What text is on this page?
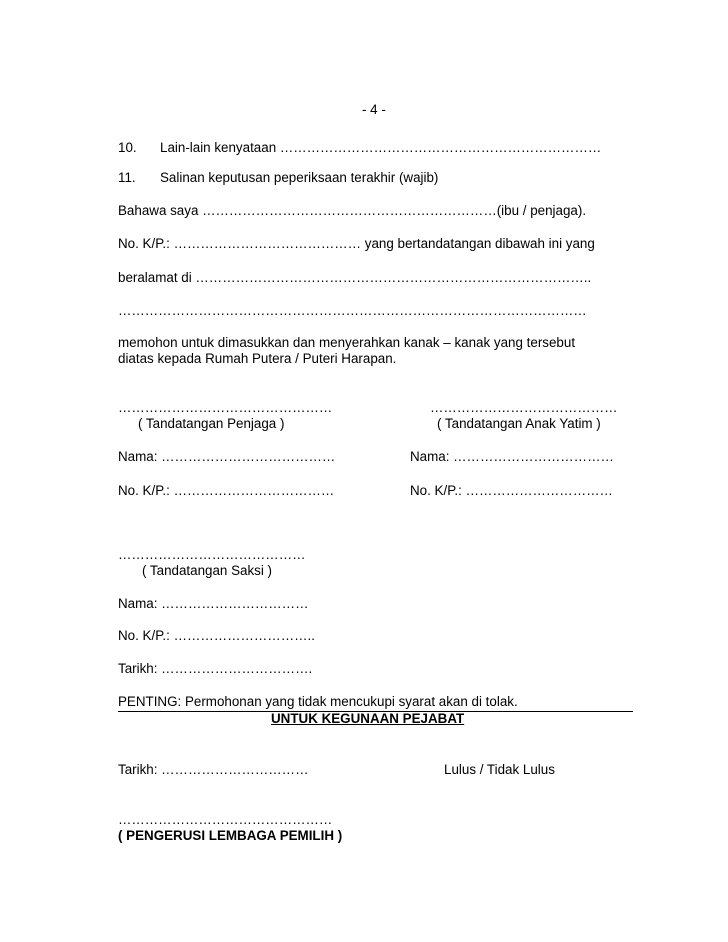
- 4 -
10. Lain-lain kenyataan ………………………………………………………………
11. Salinan keputusan peperiksaan terakhir (wajib)
Bahawa saya …………………………………………………………(ibu / penjaga).
No. K/P.: …………………………………… yang bertandatangan dibawah ini yang
beralamat di ……………………………………………………………………………..
……………………………………………………………………………………………
memohon untuk dimasukkan dan menyerahkan kanak – kanak yang tersebut
diatas kepada Rumah Putera / Puteri Harapan.
…………………………………………
( Tandatangan Penjaga )
……………………………………
( Tandatangan Anak Yatim )
Nama: …………………………………	Nama: ………………………………
No. K/P.: ………………………………	No. K/P.: ……………………………
……………………………………
( Tandatangan Saksi )
Nama: ……………………………
No. K/P.: …………………………..
Tarikh: …………………………….
PENTING: Permohonan yang tidak mencukupi syarat akan di tolak.
UNTUK KEGUNAAN PEJABAT
Tarikh: ……………………………	Lulus / Tidak Lulus
…………………………………………
( PENGERUSI LEMBAGA PEMILIH )
